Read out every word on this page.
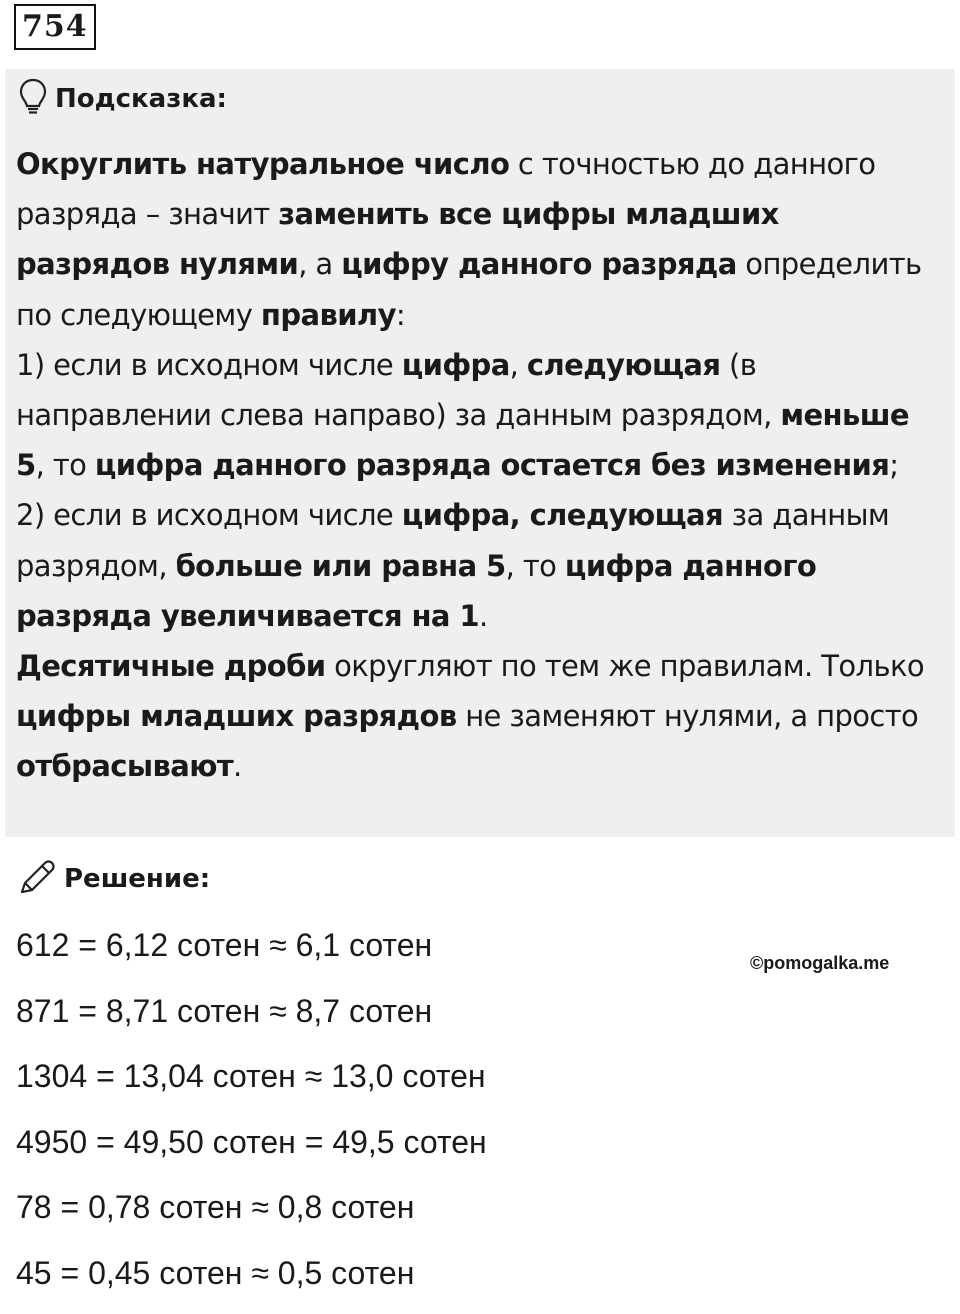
754
Подсказка:
Округлить натуральное число с точностью до данного разряда – значит заменить все цифры младших разрядов нулями, а цифру данного разряда определить по следующему правилу:
1) если в исходном числе цифра, следующая (в направлении слева направо) за данным разрядом, меньше 5, то цифра данного разряда остается без изменения;
2) если в исходном числе цифра, следующая за данным разрядом, больше или равна 5, то цифра данного разряда увеличивается на 1.
Десятичные дроби округляют по тем же правилам. Только цифры младших разрядов не заменяют нулями, а просто отбрасывают.
Решение:
©pomogalka.me
612 = 6,12 сотен ≈ 6,1 сотен
871 = 8,71 сотен ≈ 8,7 сотен
1304 = 13,04 сотен ≈ 13,0 сотен
4950 = 49,50 сотен = 49,5 сотен
78 = 0,78 сотен ≈ 0,8 сотен
45 = 0,45 сотен ≈ 0,5 сотен
